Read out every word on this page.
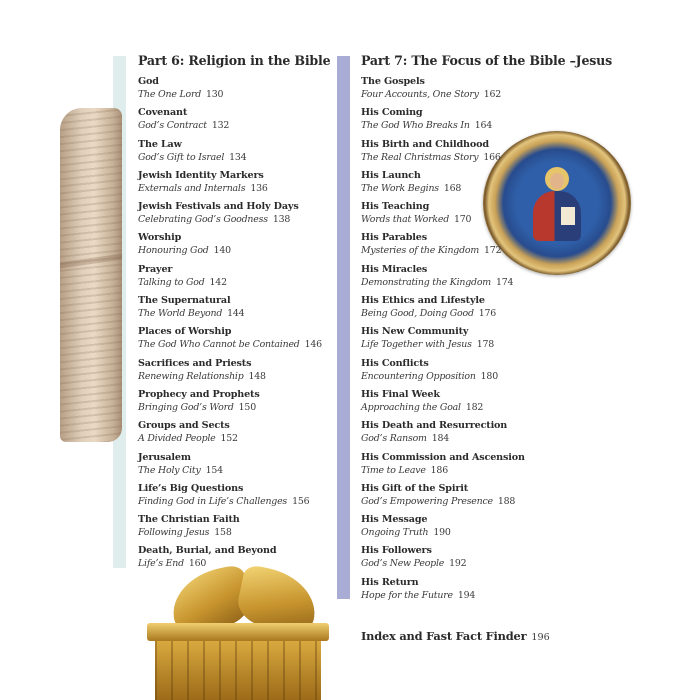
Part 6: Religion in the Bible
God
The One Lord 130
Covenant
God’s Contract 132
The Law
God’s Gift to Israel 134
Jewish Identity Markers
Externals and Internals 136
Jewish Festivals and Holy Days
Celebrating God’s Goodness 138
Worship
Honouring God 140
Prayer
Talking to God 142
The Supernatural
The World Beyond 144
Places of Worship
The God Who Cannot be Contained 146
Sacrifices and Priests
Renewing Relationship 148
Prophecy and Prophets
Bringing God’s Word 150
Groups and Sects
A Divided People 152
Jerusalem
The Holy City 154
Life’s Big Questions
Finding God in Life’s Challenges 156
The Christian Faith
Following Jesus 158
Death, Burial, and Beyond
Life’s End 160
Part 7: The Focus of the Bible –Jesus
The Gospels
Four Accounts, One Story 162
His Coming
The God Who Breaks In 164
His Birth and Childhood
The Real Christmas Story 166
His Launch
The Work Begins 168
His Teaching
Words that Worked 170
His Parables
Mysteries of the Kingdom 172
His Miracles
Demonstrating the Kingdom 174
His Ethics and Lifestyle
Being Good, Doing Good 176
His New Community
Life Together with Jesus 178
His Conflicts
Encountering Opposition 180
His Final Week
Approaching the Goal 182
His Death and Resurrection
God’s Ransom 184
His Commission and Ascension
Time to Leave 186
His Gift of the Spirit
God’s Empowering Presence 188
His Message
Ongoing Truth 190
His Followers
God’s New People 192
His Return
Hope for the Future 194
Index and Fast Fact Finder 196
